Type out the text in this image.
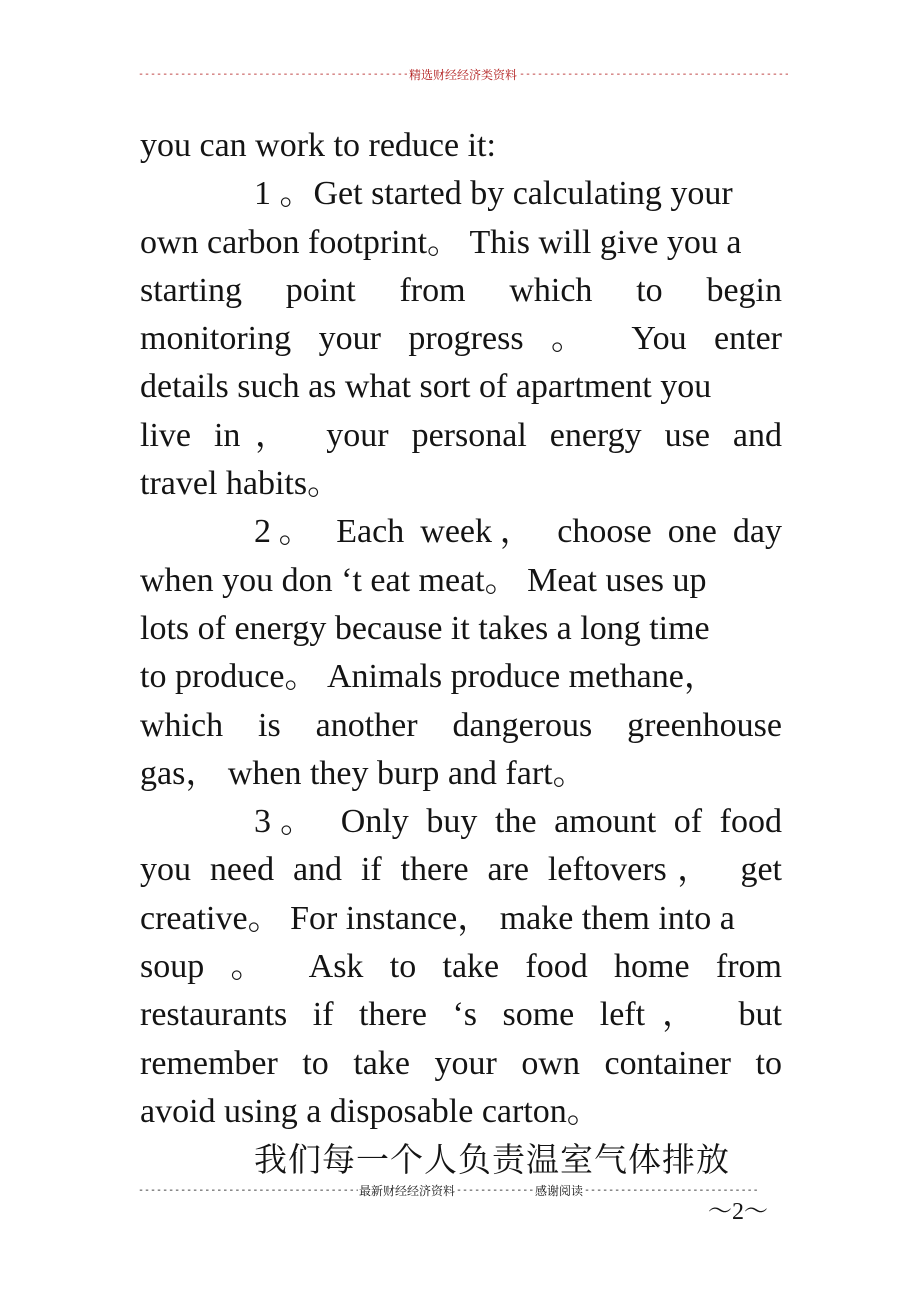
-----
精选财经经济类资料
-----
you can work to reduce it:
1 。Get started by calculating your
own carbon footprint。 This will give you a
starting point from which to begin
monitoring your progress 。 You enter
details such as what sort of apartment you
live in， your personal energy use and
travel habits。
2。 Each week， choose one day
when you don ‘t eat meat。 Meat uses up
lots of energy because it takes a long time
to produce。 Animals produce methane，
which is another dangerous greenhouse
gas， when they burp and fart。
3。 Only buy the amount of food
you need and if there are leftovers， get
creative。 For instance， make them into a
soup 。 Ask to take food home from
restaurants if there ‘s some left， but
remember to take your own container to
avoid using a disposable carton。
我们每一个人负责温室气体排放
-----
最新财经经济资料
-----	感谢阅读
-----
～2～
